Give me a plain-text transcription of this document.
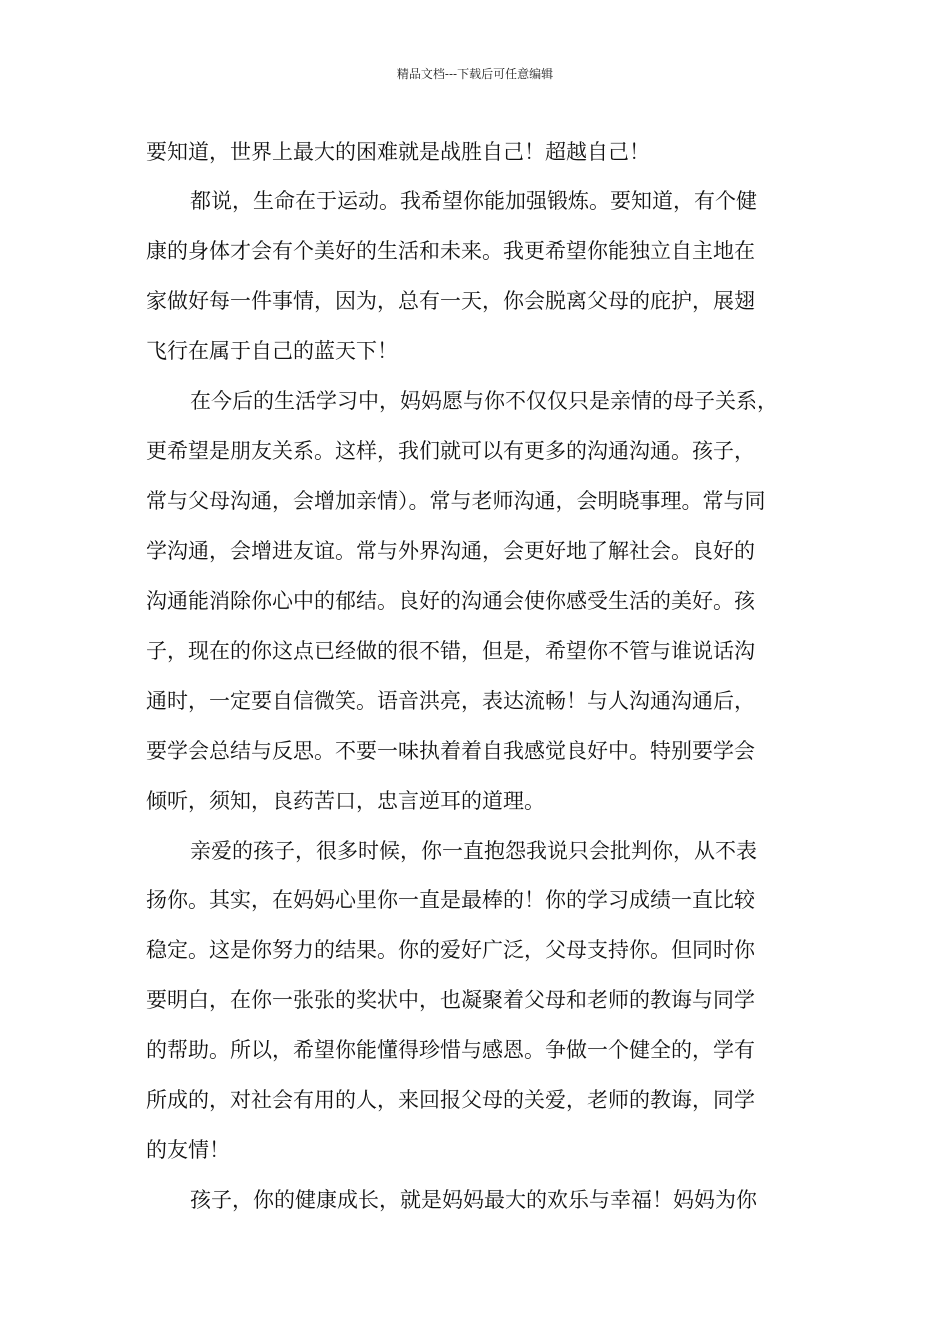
精品文档---下载后可任意编辑
要知道，世界上最大的困难就是战胜自己！超越自己！
都说，生命在于运动。我希望你能加强锻炼。要知道，有个健
康的身体才会有个美好的生活和未来。我更希望你能独立自主地在
家做好每一件事情，因为，总有一天，你会脱离父母的庇护，展翅
飞行在属于自己的蓝天下！
在今后的生活学习中，妈妈愿与你不仅仅只是亲情的母子关系，
更希望是朋友关系。这样，我们就可以有更多的沟通沟通。孩子，
常与父母沟通，会增加亲情）。常与老师沟通，会明晓事理。常与同
学沟通，会增进友谊。常与外界沟通，会更好地了解社会。良好的
沟通能消除你心中的郁结。良好的沟通会使你感受生活的美好。孩
子，现在的你这点已经做的很不错，但是，希望你不管与谁说话沟
通时，一定要自信微笑。语音洪亮，表达流畅！与人沟通沟通后，
要学会总结与反思。不要一味执着着自我感觉良好中。特别要学会
倾听，须知，良药苦口，忠言逆耳的道理。
亲爱的孩子，很多时候，你一直抱怨我说只会批判你，从不表
扬你。其实，在妈妈心里你一直是最棒的！你的学习成绩一直比较
稳定。这是你努力的结果。你的爱好广泛，父母支持你。但同时你
要明白，在你一张张的奖状中，也凝聚着父母和老师的教诲与同学
的帮助。所以，希望你能懂得珍惜与感恩。争做一个健全的，学有
所成的，对社会有用的人，来回报父母的关爱，老师的教诲，同学
的友情！
孩子，你的健康成长，就是妈妈最大的欢乐与幸福！妈妈为你
